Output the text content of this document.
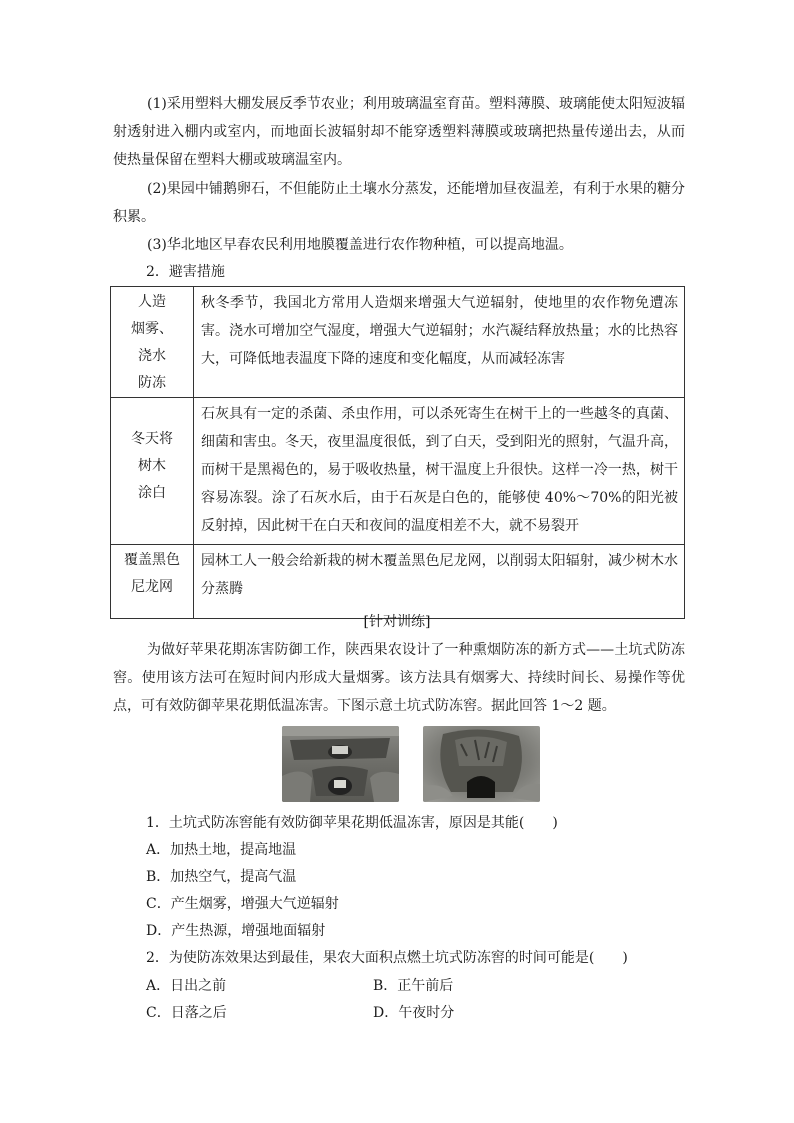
(1)采用塑料大棚发展反季节农业；利用玻璃温室育苗。塑料薄膜、玻璃能使太阳短波辐射透射进入棚内或室内，而地面长波辐射却不能穿透塑料薄膜或玻璃把热量传递出去，从而使热量保留在塑料大棚或玻璃温室内。

(2)果园中铺鹅卵石，不但能防止土壤水分蒸发，还能增加昼夜温差，有利于水果的糖分积累。

(3)华北地区早春农民利用地膜覆盖进行农作物种植，可以提高地温。

2．避害措施
人造
烟雾、
浇水
防冻	秋冬季节，我国北方常用人造烟来增强大气逆辐射，使地里的农作物免遭冻害。浇水可增加空气湿度，增强大气逆辐射；水汽凝结释放热量；水的比热容大，可降低地表温度下降的速度和变化幅度，从而减轻冻害

冬天将
树木
涂白	石灰具有一定的杀菌、杀虫作用，可以杀死寄生在树干上的一些越冬的真菌、细菌和害虫。冬天，夜里温度很低，到了白天，受到阳光的照射，气温升高，而树干是黑褐色的，易于吸收热量，树干温度上升很快。这样一冷一热，树干容易冻裂。涂了石灰水后，由于石灰是白色的，能够使 40%～70%的阳光被反射掉，因此树干在白天和夜间的温度相差不大，就不易裂开

覆盖黑色
尼龙网	园林工人一般会给新栽的树木覆盖黑色尼龙网，以削弱太阳辐射，减少树木水分蒸腾
[针对训练]

为做好苹果花期冻害防御工作，陕西果农设计了一种熏烟防冻的新方式——土坑式防冻窖。使用该方法可在短时间内形成大量烟雾。该方法具有烟雾大、持续时间长、易操作等优点，可有效防御苹果花期低温冻害。下图示意土坑式防冻窖。据此回答 1～2 题。

1．土坑式防冻窖能有效防御苹果花期低温冻害，原因是其能(　　)
A．加热土地，提高地温
B．加热空气，提高气温
C．产生烟雾，增强大气逆辐射
D．产生热源，增强地面辐射
2．为使防冻效果达到最佳，果农大面积点燃土坑式防冻窖的时间可能是(　　)
A．日出之前	B．正午前后
C．日落之后	D．午夜时分
